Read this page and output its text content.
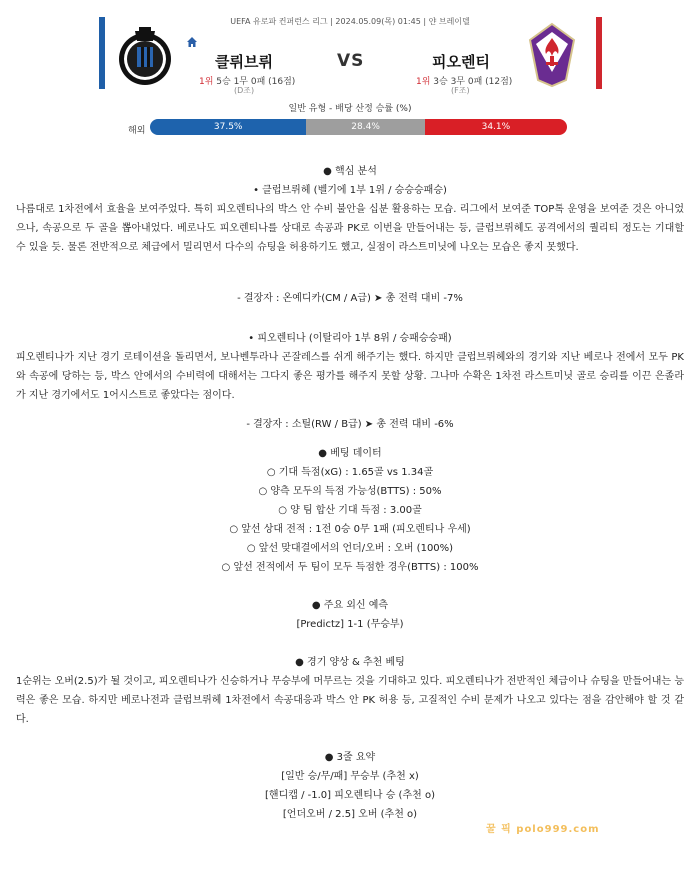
UEFA 유로파 컨퍼런스 리그 | 2024.05.09(목) 01:45 | 얀 브레이델
클뤼브뤼	VS	피오렌티
1위 5승 1무 0패 (16점)	1위 3승 3무 0패 (12점)
(D조)	(F조)
일반 유형 - 배당 산정 승률 (%)
해외	37.5%	28.4%	34.1%
● 핵심 분석
• 클럽브뤼헤 (벨기에 1부 1위 / 승승승패승)
나름대로 1차전에서 효율을 보여주었다. 특히 피오렌티나의 박스 안 수비 불안을 십분 활용하는 모습. 리그에서 보여준 TOP톡 운영을 보여준 것은 아니었으나, 속공으로 두 골을 뽑아내었다. 베로나도 피오렌티나를 상대로 속공과 PK로 이번을 만들어내는 등, 클럽브뤼헤도 공격에서의 퀄리티 정도는 기대할 수 있을 듯. 물론 전반적으로 체급에서 밀리면서 다수의 슈팅을 허용하기도 했고, 실점이 라스트미닛에 나오는 모습은 좋지 못했다.
- 결장자 : 온예디카(CM / A급) ➤ 총 전력 대비 -7%
• 피오렌티나 (이탈리아 1부 8위 / 승패승승패)
피오렌티나가 지난 경기 로테이션을 돌리면서, 보나벤투라나 곤잘레스를 쉬게 해주기는 했다. 하지만 클럽브뤼헤와의 경기와 지난 베로나 전에서 모두 PK와 속공에 당하는 등, 박스 안에서의 수비력에 대해서는 그다지 좋은 평가를 해주지 못할 상황. 그나마 수확은 1차전 라스트미닛 골로 승리를 이끈 은졸라가 지난 경기에서도 1어시스트로 좋았다는 점이다.
- 결장자 : 소틸(RW / B급) ➤ 총 전력 대비 -6%
● 베팅 데이터
○ 기대 득점(xG) : 1.65골 vs 1.34골
○ 양측 모두의 득점 가능성(BTTS) : 50%
○ 양 팀 합산 기대 득점 : 3.00골
○ 앞선 상대 전적 : 1전 0승 0무 1패 (피오렌티나 우세)
○ 앞선 맞대결에서의 언더/오버 : 오버 (100%)
○ 앞선 전적에서 두 팀이 모두 득점한 경우(BTTS) : 100%
● 주요 외신 예측
[Predictz] 1-1 (무승부)
● 경기 양상 & 추천 베팅
1순위는 오버(2.5)가 될 것이고, 피오렌티나가 신승하거나 무승부에 머무르는 것을 기대하고 있다. 피오렌티나가 전반적인 체급이나 슈팅을 만들어내는 능력은 좋은 모습. 하지만 베로나전과 클럽브뤼헤 1차전에서 속공대응과 박스 안 PK 허용 등, 고질적인 수비 문제가 나오고 있다는 점을 감안해야 할 것 같다.
● 3줄 요약
[일반 승/무/패] 무승부 (추천 x)
[핸디캡 / -1.0] 피오렌티나 승 (추천 o)
[언더오버 / 2.5] 오버 (추천 o)
꿀 픽 polo999.com
